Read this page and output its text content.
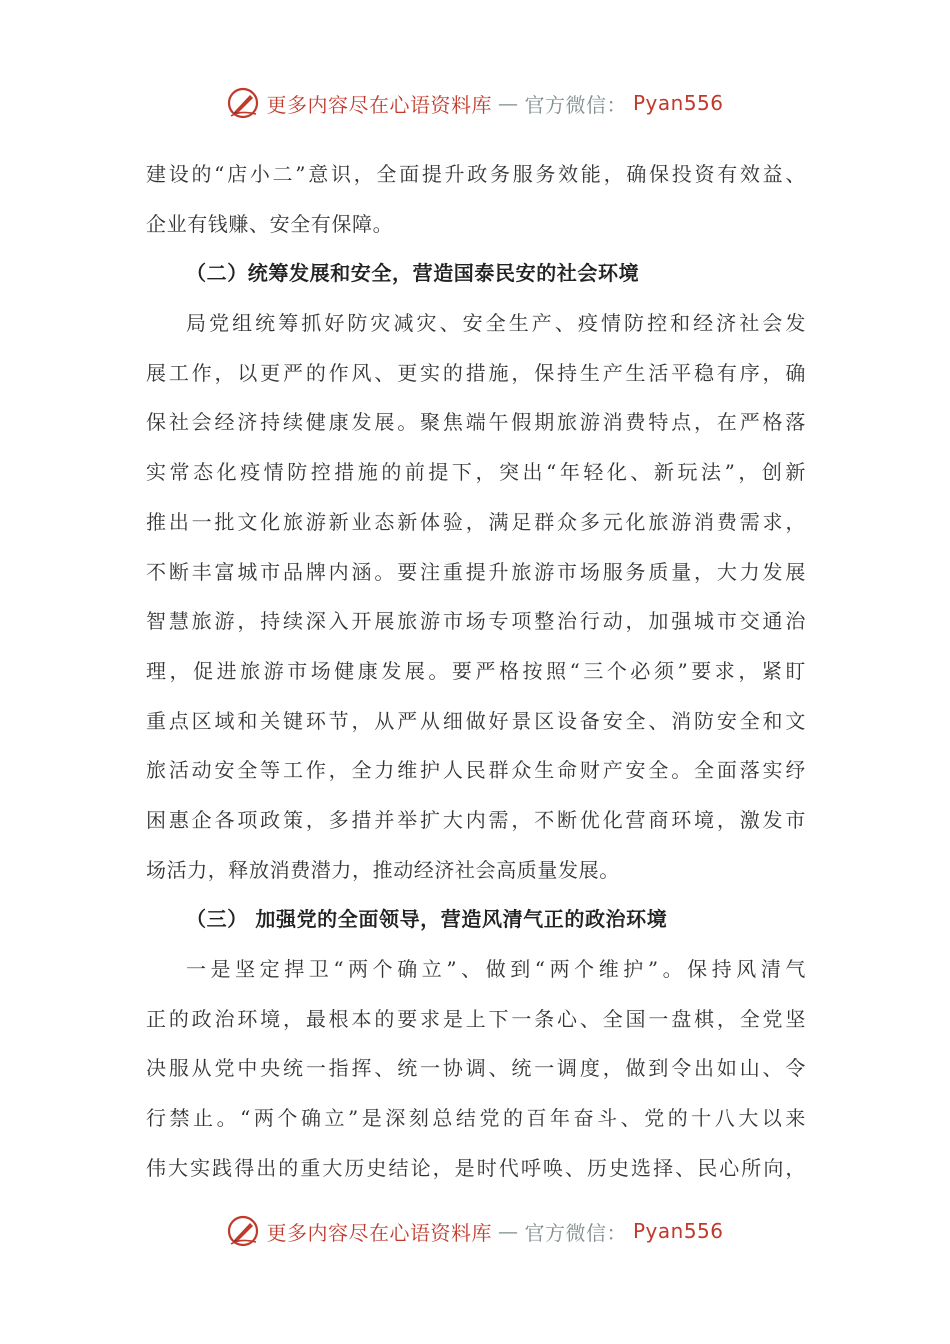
更多内容尽在心语资料库 — 官方微信： Pyan556
建设的“店小二”意识，全面提升政务服务效能，确保投资有效益、
企业有钱赚、安全有保障。
（二）统筹发展和安全，营造国泰民安的社会环境
局党组统筹抓好防灾减灾、安全生产、疫情防控和经济社会发
展工作，以更严的作风、更实的措施，保持生产生活平稳有序，确
保社会经济持续健康发展。聚焦端午假期旅游消费特点，在严格落
实常态化疫情防控措施的前提下，突出“年轻化、新玩法”，创新
推出一批文化旅游新业态新体验，满足群众多元化旅游消费需求，
不断丰富城市品牌内涵。要注重提升旅游市场服务质量，大力发展
智慧旅游，持续深入开展旅游市场专项整治行动，加强城市交通治
理，促进旅游市场健康发展。要严格按照“三个必须”要求，紧盯
重点区域和关键环节，从严从细做好景区设备安全、消防安全和文
旅活动安全等工作，全力维护人民群众生命财产安全。全面落实纾
困惠企各项政策，多措并举扩大内需，不断优化营商环境，激发市
场活力，释放消费潜力，推动经济社会高质量发展。
（三） 加强党的全面领导，营造风清气正的政治环境
一是坚定捍卫“两个确立”、做到“两个维护”。保持风清气
正的政治环境，最根本的要求是上下一条心、全国一盘棋，全党坚
决服从党中央统一指挥、统一协调、统一调度，做到令出如山、令
行禁止。“两个确立”是深刻总结党的百年奋斗、党的十八大以来
伟大实践得出的重大历史结论，是时代呼唤、历史选择、民心所向，
更多内容尽在心语资料库 — 官方微信： Pyan556
